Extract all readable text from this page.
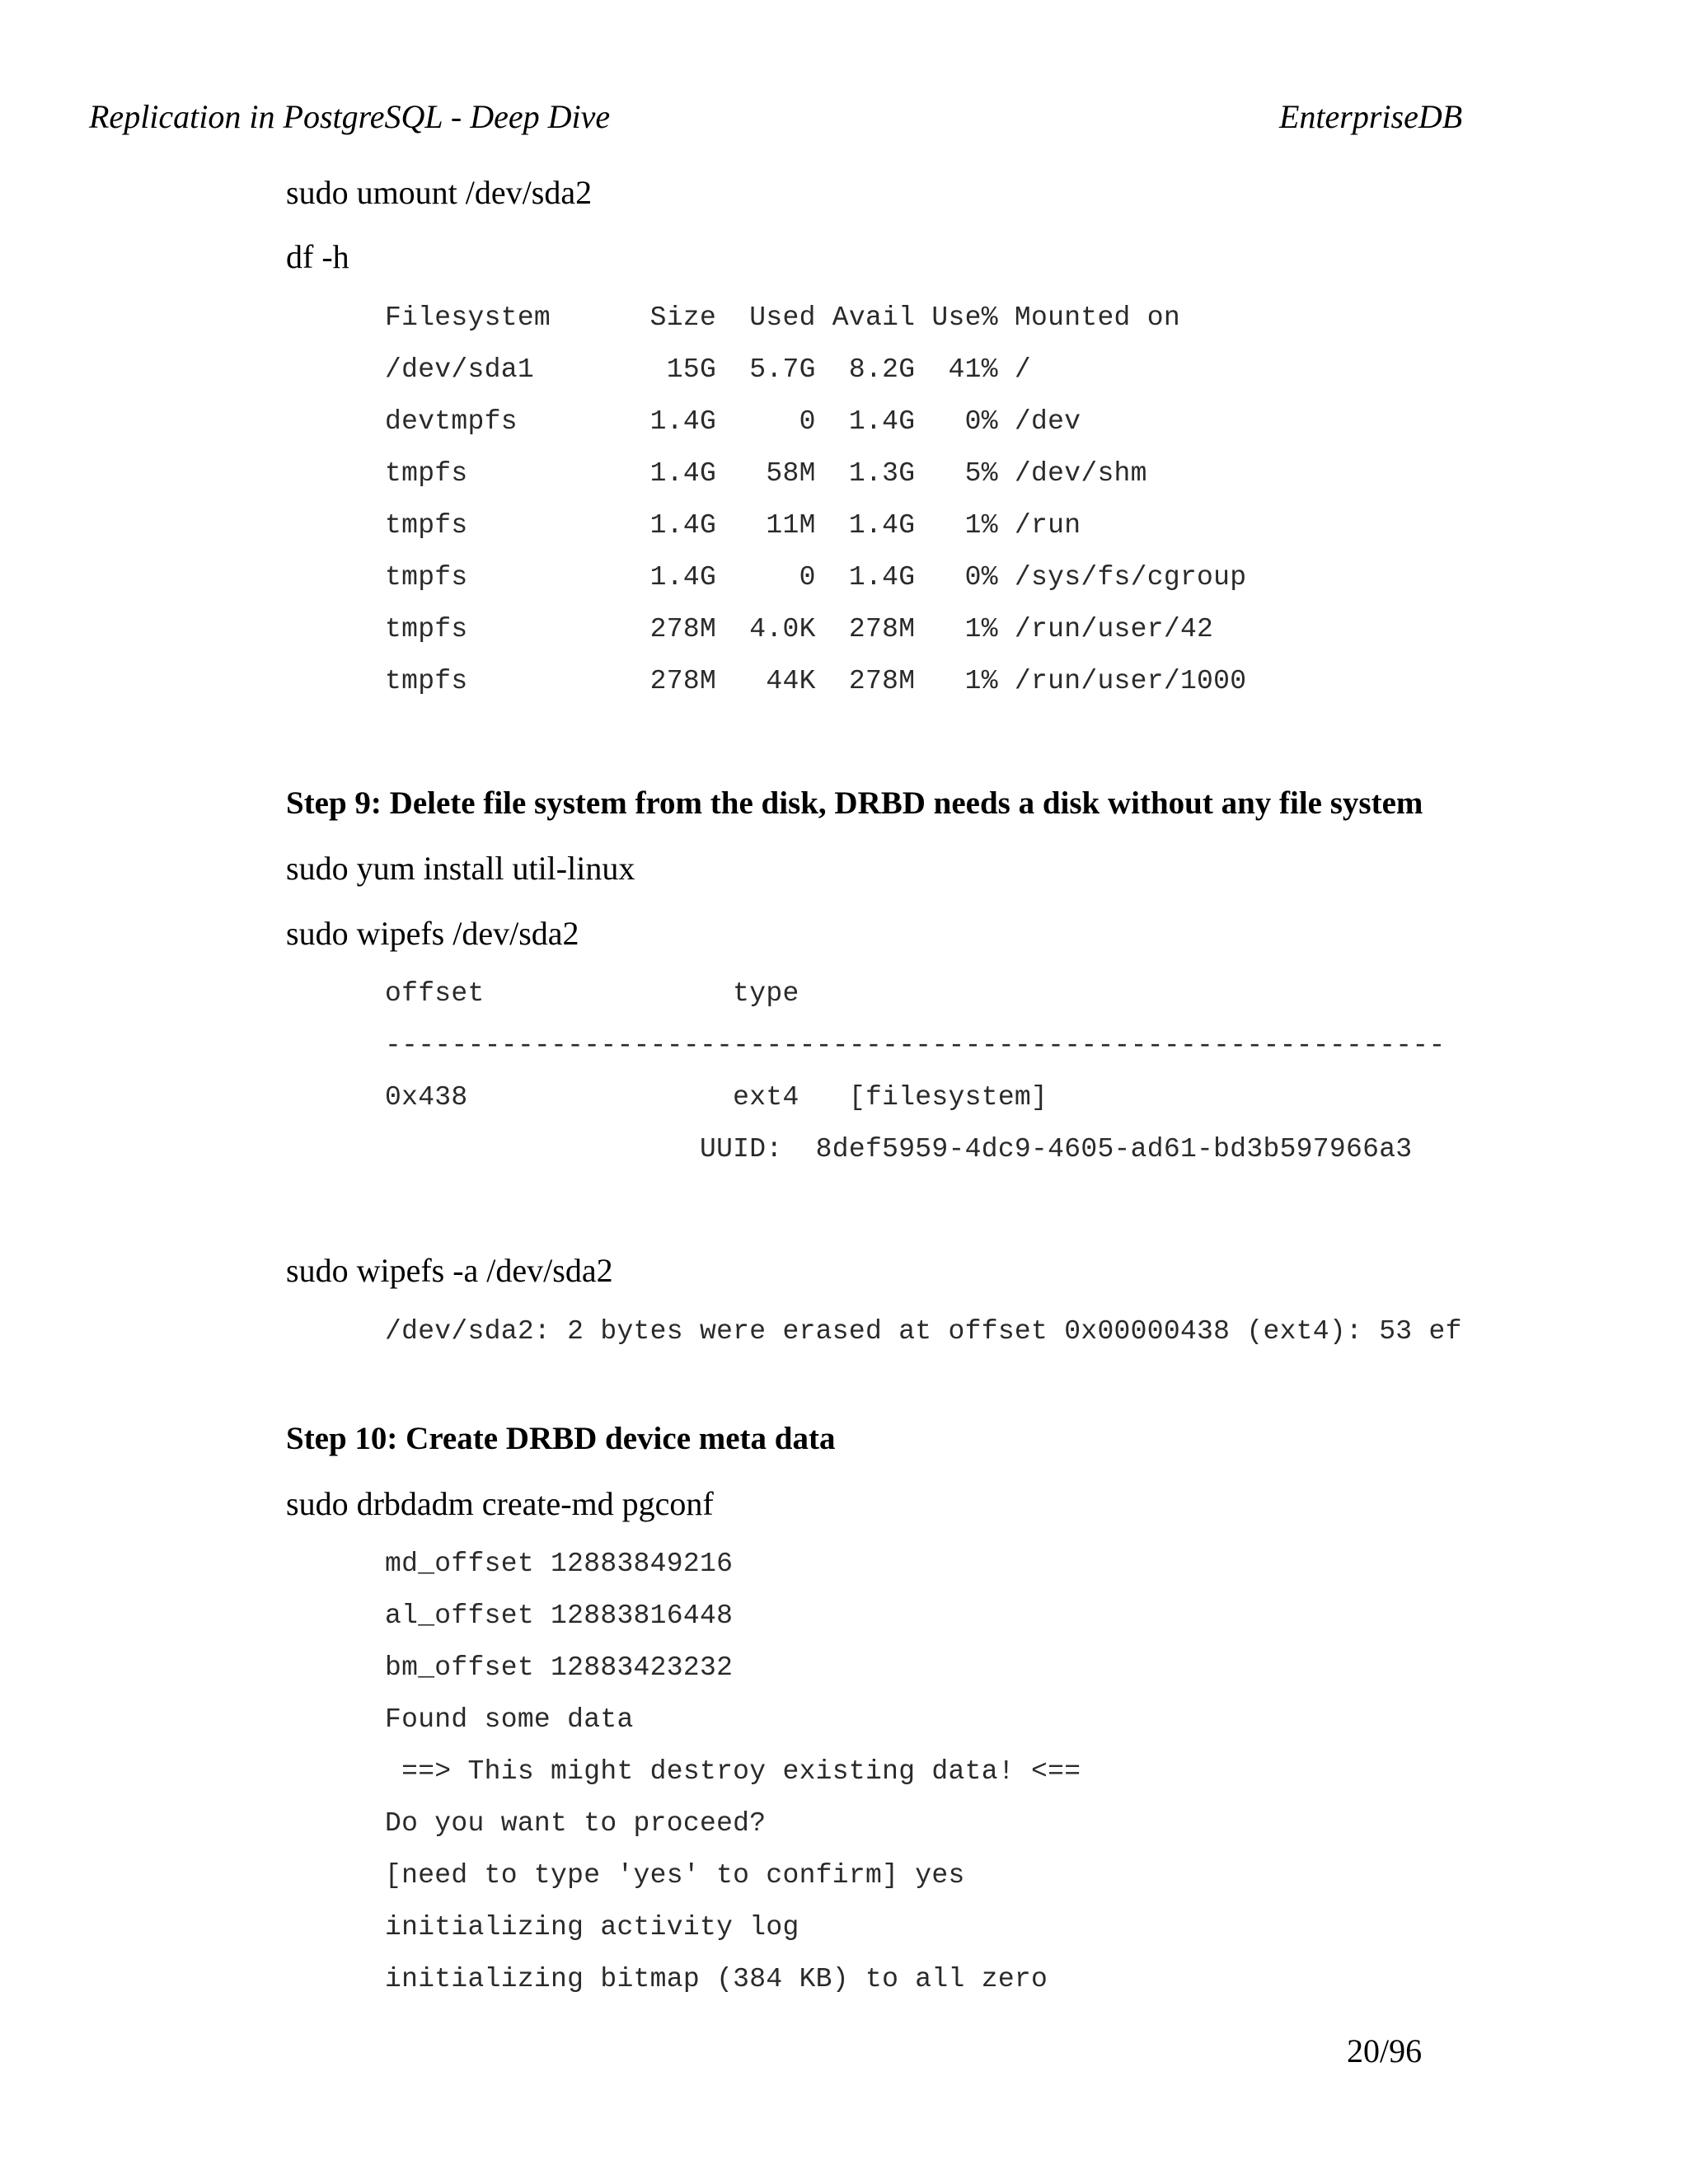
Replication in PostgreSQL - Deep Dive	EnterpriseDB
sudo umount /dev/sda2
df -h
Filesystem      Size  Used Avail Use% Mounted on
/dev/sda1        15G  5.7G  8.2G  41% /
devtmpfs        1.4G     0  1.4G   0% /dev
tmpfs           1.4G   58M  1.3G   5% /dev/shm
tmpfs           1.4G   11M  1.4G   1% /run
tmpfs           1.4G     0  1.4G   0% /sys/fs/cgroup
tmpfs           278M  4.0K  278M   1% /run/user/42
tmpfs           278M   44K  278M   1% /run/user/1000
Step 9: Delete file system from the disk, DRBD needs a disk without any file system
sudo yum install util-linux
sudo wipefs /dev/sda2
offset               type
----------------------------------------------------------------
0x438                ext4   [filesystem]
UUID:  8def5959-4dc9-4605-ad61-bd3b597966a3
sudo wipefs -a /dev/sda2
/dev/sda2: 2 bytes were erased at offset 0x00000438 (ext4): 53 ef
Step 10: Create DRBD device meta data
sudo drbdadm create-md pgconf
md_offset 12883849216
al_offset 12883816448
bm_offset 12883423232
Found some data
==> This might destroy existing data! <==
Do you want to proceed?
[need to type 'yes' to confirm] yes
initializing activity log
initializing bitmap (384 KB) to all zero
20/96
